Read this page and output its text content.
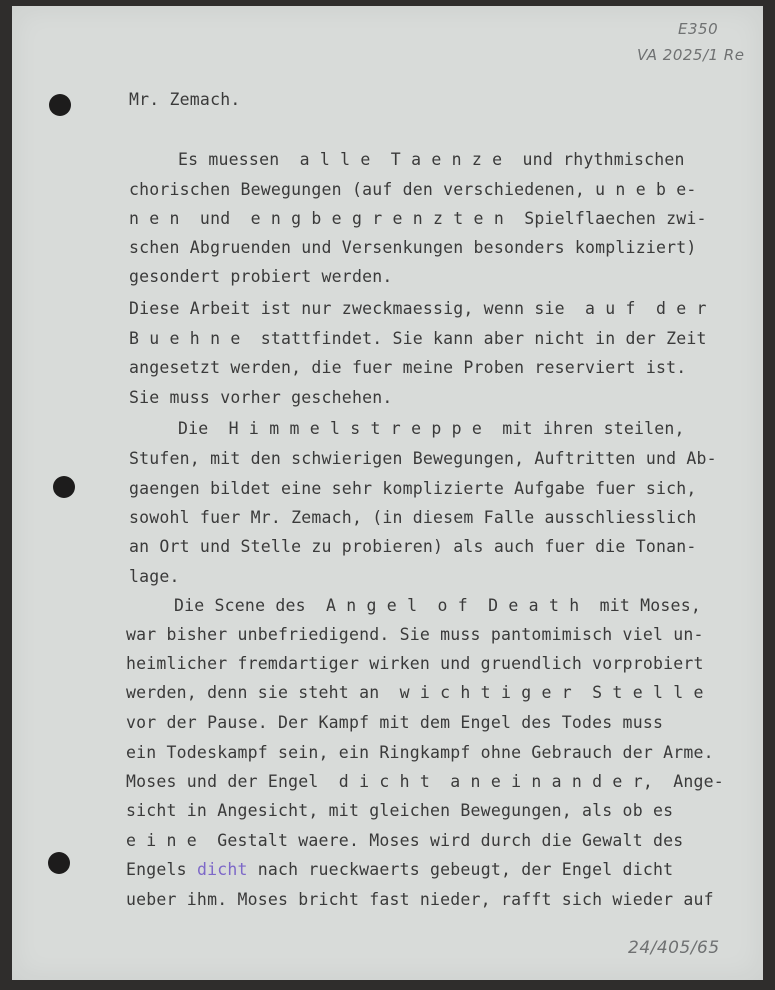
E350
VA 2025/1 Re
24/405/65
Mr. Zemach.
Es muessen  a l l e  T a e n z e  und rhythmischen
chorischen Bewegungen (auf den verschiedenen, u n e b e-
n e n  und  e n g b e g r e n z t e n  Spielflaechen zwi-
schen Abgruenden und Versenkungen besonders kompliziert)
gesondert probiert werden.
Diese Arbeit ist nur zweckmaessig, wenn sie  a u f  d e r
B u e h n e  stattfindet. Sie kann aber nicht in der Zeit
angesetzt werden, die fuer meine Proben reserviert ist.
Sie muss vorher geschehen.
Die  H i m m e l s t r e p p e  mit ihren steilen,
Stufen, mit den schwierigen Bewegungen, Auftritten und Ab-
gaengen bildet eine sehr komplizierte Aufgabe fuer sich,
sowohl fuer Mr. Zemach, (in diesem Falle ausschliesslich
an Ort und Stelle zu probieren) als auch fuer die Tonan-
lage.
Die Scene des  A n g e l  o f  D e a t h  mit Moses,
war bisher unbefriedigend. Sie muss pantomimisch viel un-
heimlicher fremdartiger wirken und gruendlich vorprobiert
werden, denn sie steht an  w i c h t i g e r  S t e l l e
vor der Pause. Der Kampf mit dem Engel des Todes muss
ein Todeskampf sein, ein Ringkampf ohne Gebrauch der Arme.
Moses und der Engel  d i c h t  a n e i n a n d e r,  Ange-
sicht in Angesicht, mit gleichen Bewegungen, als ob es
e i n e  Gestalt waere. Moses wird durch die Gewalt des
Engels dicht nach rueckwaerts gebeugt, der Engel dicht
ueber ihm. Moses bricht fast nieder, rafft sich wieder auf
